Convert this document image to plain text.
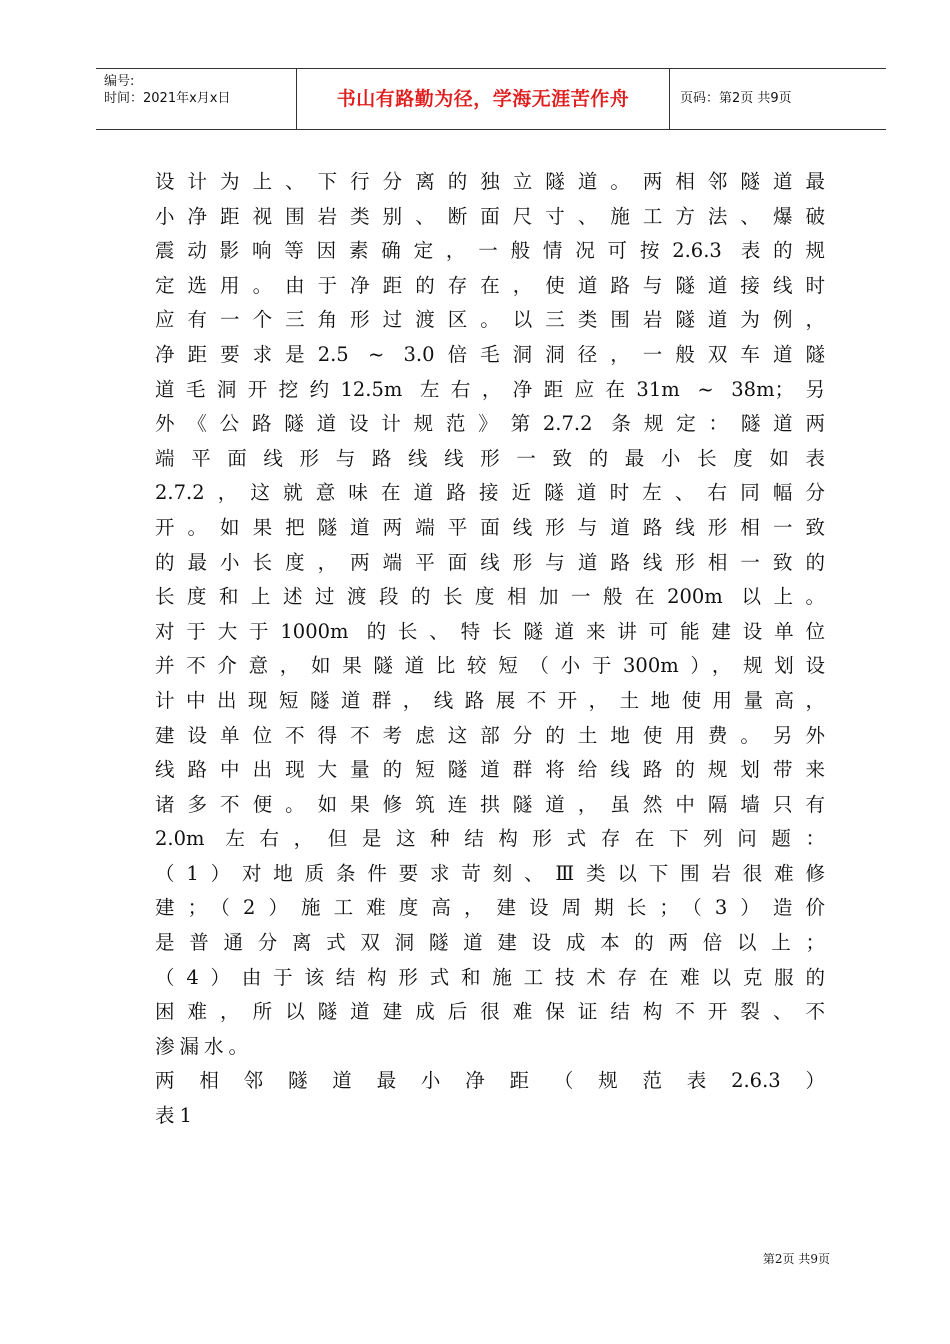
编号:
时间：2021年x月x日	书山有路勤为径，学海无涯苦作舟	页码：第2页 共9页
设计为上、下行分离的独立隧道。两相邻隧道最
小净距视围岩类别、断面尺寸、施工方法、爆破
震动影响等因素确定，一般情况可按2.6.3 表的规
定选用。由于净距的存在，使道路与隧道接线时
应有一个三角形过渡区。以三类围岩隧道为例，
净距要求是2.5 ~ 3.0倍毛洞洞径，一般双车道隧
道毛洞开挖约12.5m 左右，净距应在31m ~ 38m；另
外《公路隧道设计规范》第2.7.2 条规定：隧道两
端平面线形与路线线形一致的最小长度如表
2.7.2，这就意味在道路接近隧道时左、右同幅分
开。如果把隧道两端平面线形与道路线形相一致
的最小长度，两端平面线形与道路线形相一致的
长度和上述过渡段的长度相加一般在200m 以上。
对于大于1000m 的长、特长隧道来讲可能建设单位
并不介意，如果隧道比较短（小于300m），规划设
计中出现短隧道群，线路展不开，土地使用量高，
建设单位不得不考虑这部分的土地使用费。另外
线路中出现大量的短隧道群将给线路的规划带来
诸多不便。如果修筑连拱隧道，虽然中隔墙只有
2.0m 左右，但是这种结构形式存在下列问题：
（1）对地质条件要求苛刻、Ⅲ类以下围岩很难修
建；（2）施工难度高，建设周期长；（3）造价
是普通分离式双洞隧道建设成本的两倍以上；
（4）由于该结构形式和施工技术存在难以克服的
困难，所以隧道建成后很难保证结构不开裂、不
渗漏水。
两相邻隧道最小净距（规范表2.6.3）
表1
第2页 共9页
